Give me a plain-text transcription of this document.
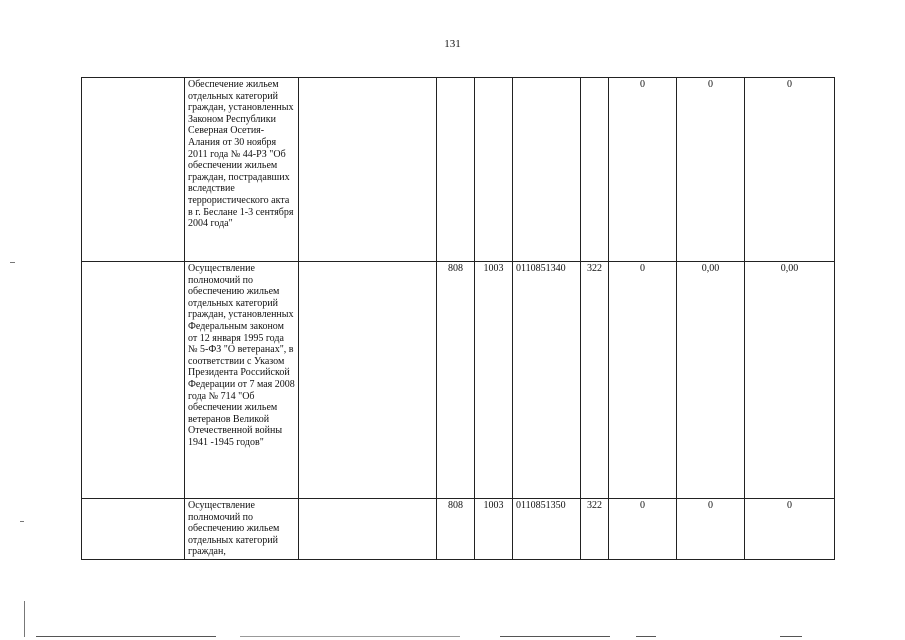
131
	Обеспечение жильем отдельных категорий граждан, установленных Законом Республики Северная Осетия-Алания от 30 ноября 2011 года № 44-РЗ "Об обеспечении жильем граждан, пострадавших вследствие террористического акта в г. Беслане 1-3 сентября 2004 года"						0	0	0
	Осуществление полномочий по обеспечению жильем отдельных категорий граждан, установленных Федеральным законом от 12 января 1995 года № 5-ФЗ "О ветеранах", в соответствии с Указом Президента Российской Федерации от 7 мая 2008 года № 714 "Об обеспечении жильем ветеранов Великой Отечественной войны 1941 -1945 годов"		808	1003	0110851340	322	0	0,00	0,00
	Осуществление полномочий по обеспечению жильем отдельных категорий граждан,		808	1003	0110851350	322	0	0	0
